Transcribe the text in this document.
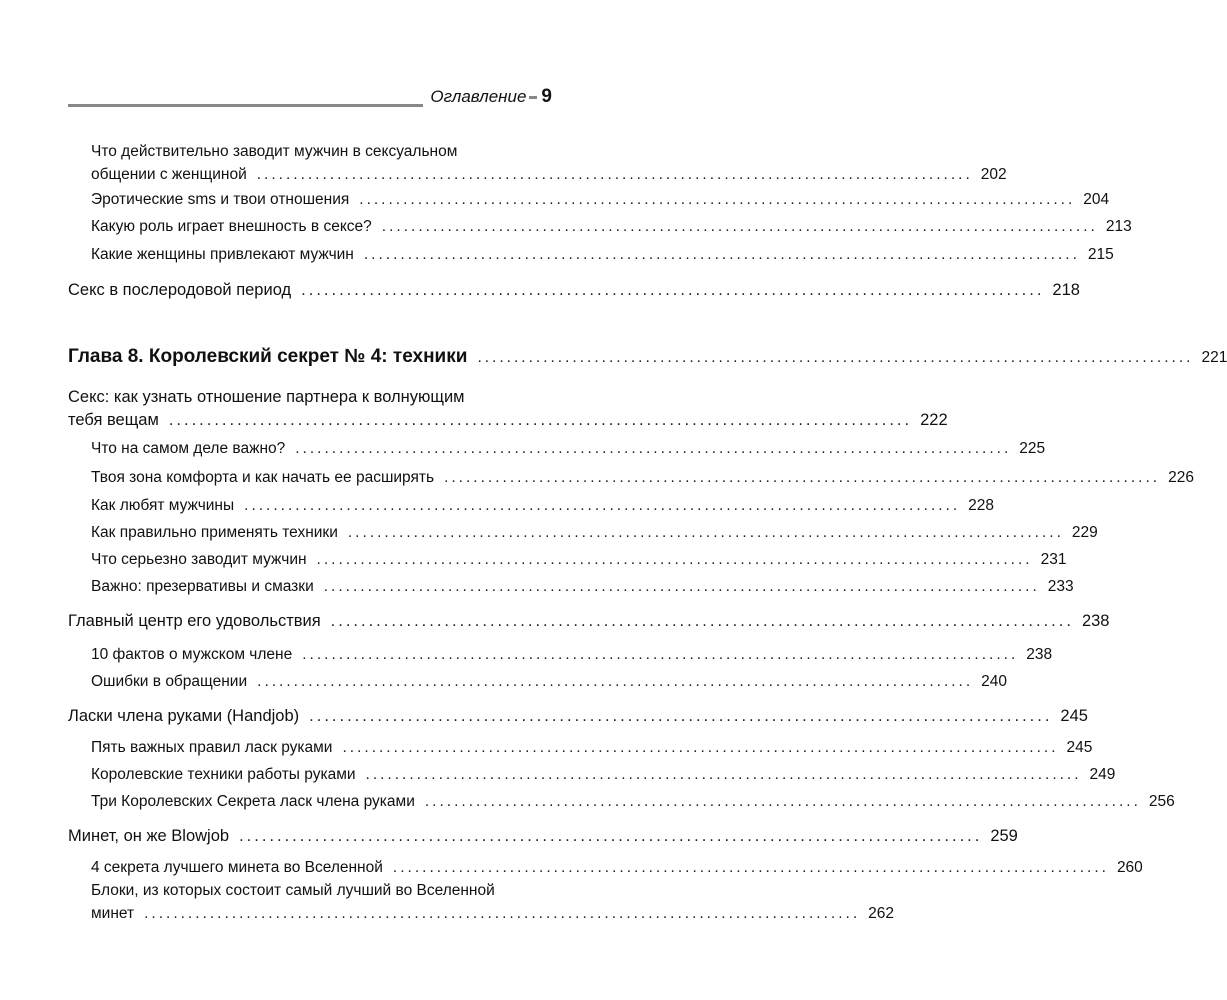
Оглавление 9
Что действительно заводит мужчин в сексуальном
общении с женщиной .................................................................................................. 202
Эротические sms и твои отношения .................................................................................................. 204
Какую роль играет внешность в сексе? .................................................................................................. 213
Какие женщины привлекают мужчин .................................................................................................. 215
Секс в послеродовой период .................................................................................................. 218
Глава 8. Королевский секрет № 4: техники .................................................................................................. 221
Секс: как узнать отношение партнера к волнующим
тебя вещам .................................................................................................. 222
Что на самом деле важно? .................................................................................................. 225
Твоя зона комфорта и как начать ее расширять .................................................................................................. 226
Как любят мужчины .................................................................................................. 228
Как правильно применять техники .................................................................................................. 229
Что серьезно заводит мужчин .................................................................................................. 231
Важно: презервативы и смазки .................................................................................................. 233
Главный центр его удовольствия .................................................................................................. 238
10 фактов о мужском члене .................................................................................................. 238
Ошибки в обращении .................................................................................................. 240
Ласки члена руками (Handjob) .................................................................................................. 245
Пять важных правил ласк руками .................................................................................................. 245
Королевские техники работы руками .................................................................................................. 249
Три Королевских Секрета ласк члена руками .................................................................................................. 256
Минет, он же Blowjob .................................................................................................. 259
4 секрета лучшего минета во Вселенной .................................................................................................. 260
Блоки, из которых состоит самый лучший во Вселенной
минет .................................................................................................. 262
